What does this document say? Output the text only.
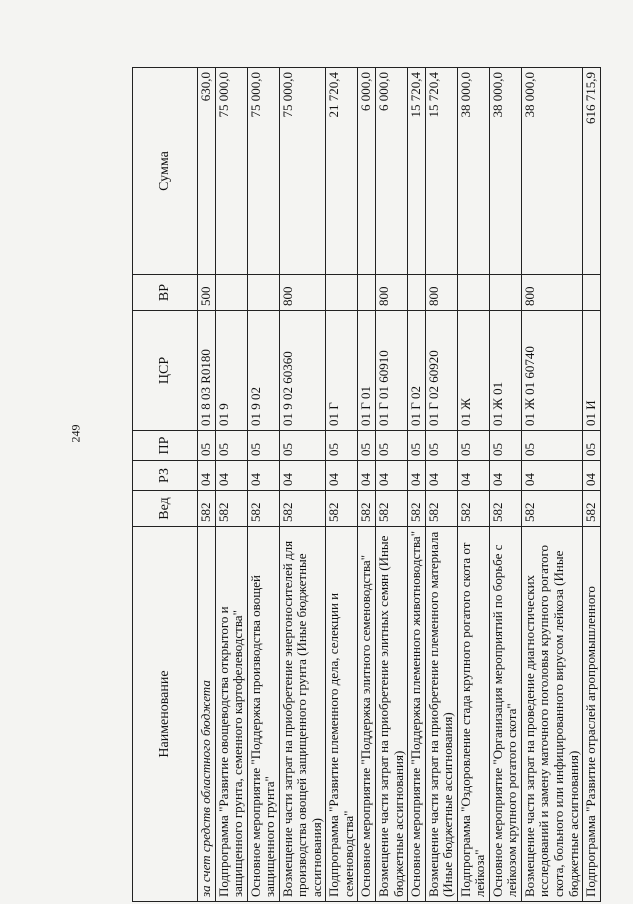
249
Наименование	Вед	РЗ	ПР	ЦСР	ВР	Сумма
за счет средств областного бюджета	582	04	05	01 8 03 R0180	500	630,0
Подпрограмма "Развитие овощеводства открытого и защищенного грунта, семенного картофелеводства"	582	04	05	01 9		75 000,0
Основное мероприятие "Поддержка производства овощей защищенного грунта"	582	04	05	01 9 02		75 000,0
Возмещение части затрат на приобретение энергоносителей для производства овощей защищенного грунта (Иные бюджетные ассигнования)	582	04	05	01 9 02 60360	800	75 000,0
Подпрограмма "Развитие племенного дела, селекции и семеноводства"	582	04	05	01 Г		21 720,4
Основное мероприятие "Поддержка элитного семеноводства"	582	04	05	01 Г 01		6 000,0
Возмещение части затрат на приобретение элитных семян (Иные бюджетные ассигнования)	582	04	05	01 Г 01 60910	800	6 000,0
Основное мероприятие "Поддержка племенного животноводства"	582	04	05	01 Г 02		15 720,4
Возмещение части затрат на приобретение племенного материала (Иные бюджетные ассигнования)	582	04	05	01 Г 02 60920	800	15 720,4
Подпрограмма "Оздоровление стада крупного рогатого скота от лейкоза"	582	04	05	01 Ж		38 000,0
Основное мероприятие "Организация мероприятий по борьбе с лейкозом крупного рогатого скота"	582	04	05	01 Ж 01		38 000,0
Возмещение части затрат на проведение диагностических исследований и замену маточного поголовья крупного рогатого скота, больного или инфицированного вирусом лейкоза (Иные бюджетные ассигнования)	582	04	05	01 Ж 01 60740	800	38 000,0
Подпрограмма "Развитие отраслей агропромышленного	582	04	05	01 И		616 715,9
